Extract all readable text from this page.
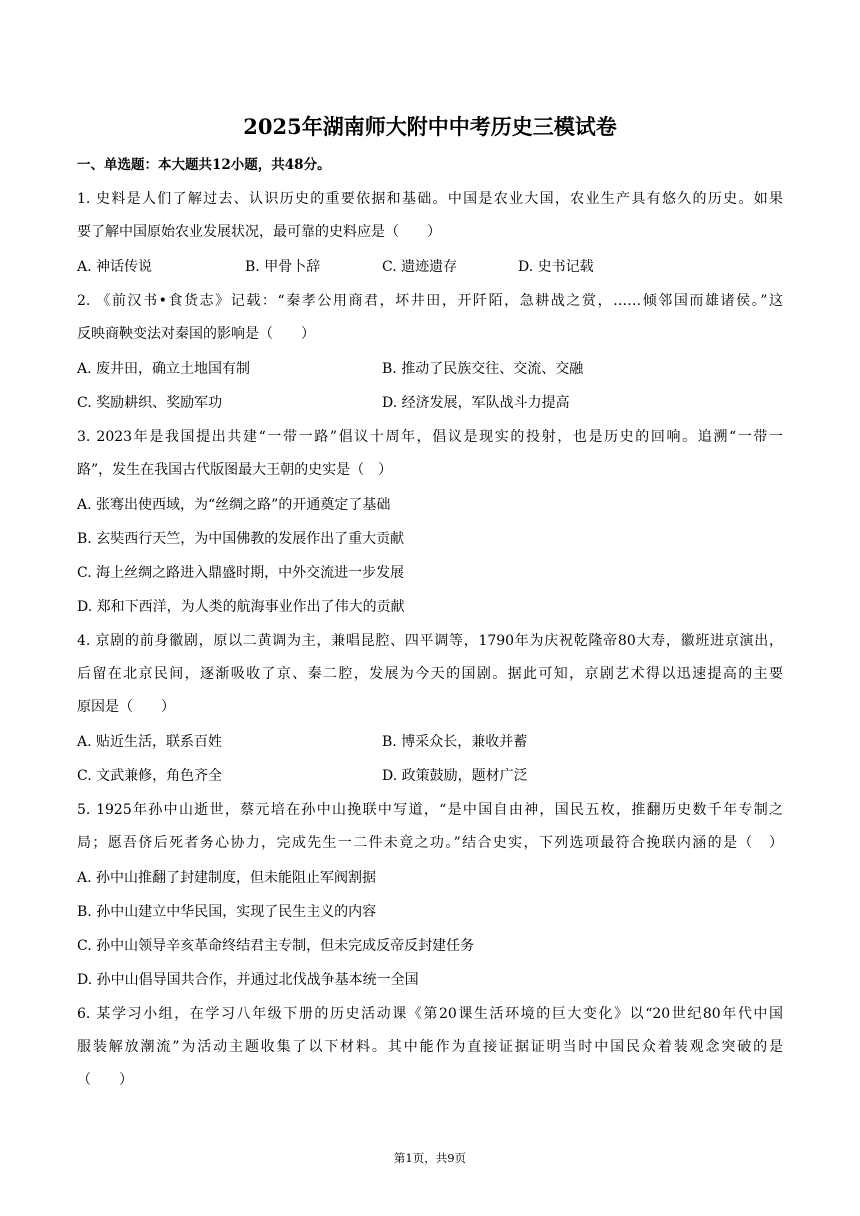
2025年湖南师大附中中考历史三模试卷
一、单选题：本大题共12小题，共48分。
1. 史料是人们了解过去、认识历史的重要依据和基础。中国是农业大国，农业生产具有悠久的历史。如果
要了解中国原始农业发展状况，最可靠的史料应是（　　）
A. 神话传说	B. 甲骨卜辞	C. 遗迹遗存	D. 史书记载
2. 《前汉书•食货志》记载：“秦孝公用商君，坏井田，开阡陌，急耕战之赏，……倾邻国而雄诸侯。”这
反映商鞅变法对秦国的影响是（　　）
A. 废井田，确立土地国有制	B. 推动了民族交往、交流、交融
C. 奖励耕织、奖励军功	D. 经济发展，军队战斗力提高
3. 2023年是我国提出共建“一带一路”倡议十周年，倡议是现实的投射，也是历史的回响。追溯“一带一
路”，发生在我国古代版图最大王朝的史实是（　）
A. 张骞出使西域，为“丝绸之路”的开通奠定了基础
B. 玄奘西行天竺，为中国佛教的发展作出了重大贡献
C. 海上丝绸之路进入鼎盛时期，中外交流进一步发展
D. 郑和下西洋，为人类的航海事业作出了伟大的贡献
4. 京剧的前身徽剧，原以二黄调为主，兼唱昆腔、四平调等，1790年为庆祝乾隆帝80大寿，徽班进京演出，
后留在北京民间，逐渐吸收了京、秦二腔，发展为今天的国剧。据此可知，京剧艺术得以迅速提高的主要
原因是（　　）
A. 贴近生活，联系百姓	B. 博采众长，兼收并蓄
C. 文武兼修，角色齐全	D. 政策鼓励，题材广泛
5. 1925年孙中山逝世，蔡元培在孙中山挽联中写道，“是中国自由神，国民五枚，推翻历史数千年专制之
局；愿吾侪后死者务心协力，完成先生一二件未竟之功。”结合史实，下列选项最符合挽联内涵的是（　）
A. 孙中山推翻了封建制度，但未能阻止军阀割据
B. 孙中山建立中华民国，实现了民生主义的内容
C. 孙中山领导辛亥革命终结君主专制，但未完成反帝反封建任务
D. 孙中山倡导国共合作，并通过北伐战争基本统一全国
6. 某学习小组，在学习八年级下册的历史活动课《第20课生活环境的巨大变化》以“20世纪80年代中国
服装解放潮流”为活动主题收集了以下材料。其中能作为直接证据证明当时中国民众着装观念突破的是
（　　）
第1页，共9页
